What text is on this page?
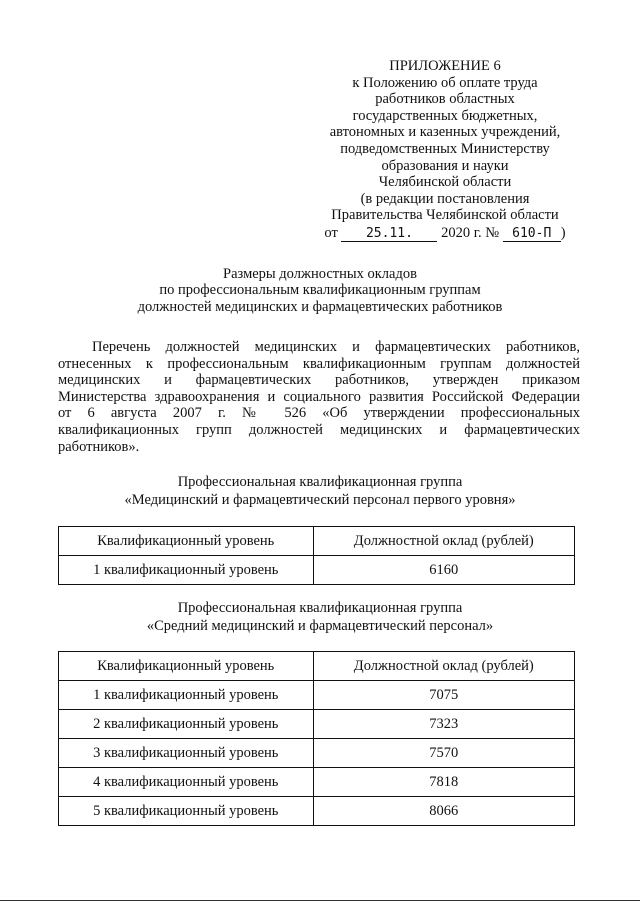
ПРИЛОЖЕНИЕ 6
к Положению об оплате труда
работников областных
государственных бюджетных,
автономных и казенных учреждений,
подведомственных Министерству
образования и науки
Челябинской области
(в редакции постановления
Правительства Челябинской области
от 25.11. 2020 г. № 610-П )
Размеры должностных окладов
по профессиональным квалификационным группам
должностей медицинских и фармацевтических работников
Перечень должностей медицинских и фармацевтических работников,
отнесенных к профессиональным квалификационным группам должностей
медицинских и фармацевтических работников, утвержден приказом
Министерства здравоохранения и социального развития Российской Федерации
от 6 августа 2007 г. № 526 «Об утверждении профессиональных
квалификационных групп должностей медицинских и фармацевтических
работников».
Профессиональная квалификационная группа
«Медицинский и фармацевтический персонал первого уровня»
Квалификационный уровень	Должностной оклад (рублей)
1 квалификационный уровень	6160
Профессиональная квалификационная группа
«Средний медицинский и фармацевтический персонал»
Квалификационный уровень	Должностной оклад (рублей)
1 квалификационный уровень	7075
2 квалификационный уровень	7323
3 квалификационный уровень	7570
4 квалификационный уровень	7818
5 квалификационный уровень	8066
